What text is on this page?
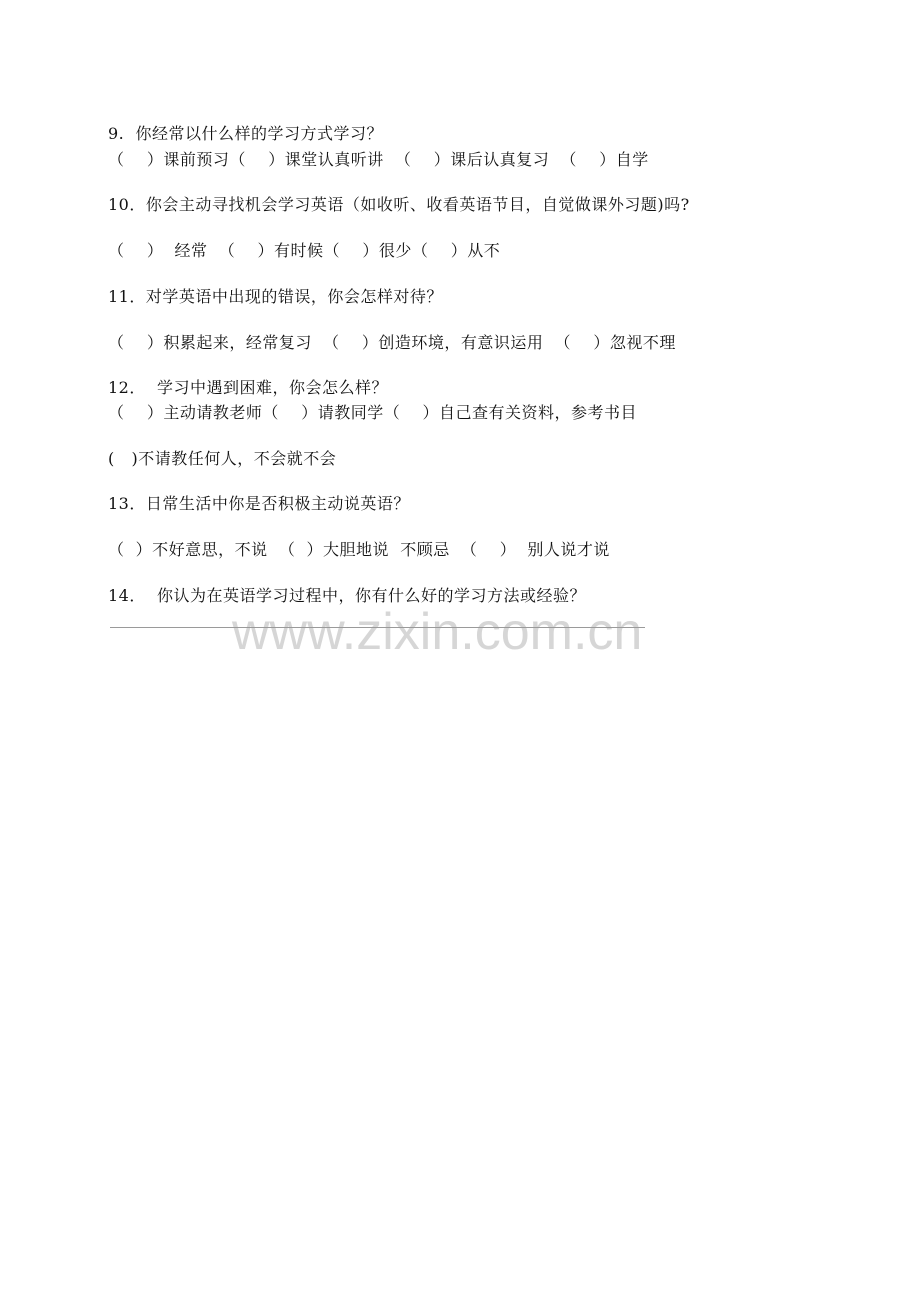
9.  你经常以什么样的学习方式学习？
（    ）课前预习（    ）课堂认真听讲  （    ）课后认真复习  （    ）自学
10．你会主动寻找机会学习英语（如收听、收看英语节目，自觉做课外习题)吗?
（    ）  经常  （    ）有时候（    ）很少（    ）从不
11．对学英语中出现的错误，你会怎样对待？
（    ）积累起来，经常复习  （    ）创造环境，有意识运用  （    ）忽视不理
12．  学习中遇到困难，你会怎么样？
（    ）主动请教老师（    ）请教同学（    ）自己查有关资料，参考书目
(   )不请教任何人，不会就不会
13．日常生活中你是否积极主动说英语？
（  ）不好意思，不说  （  ）大胆地说  不顾忌  （    ）  别人说才说
14．  你认为在英语学习过程中，你有什么好的学习方法或经验？
www.zixin.com.cn
